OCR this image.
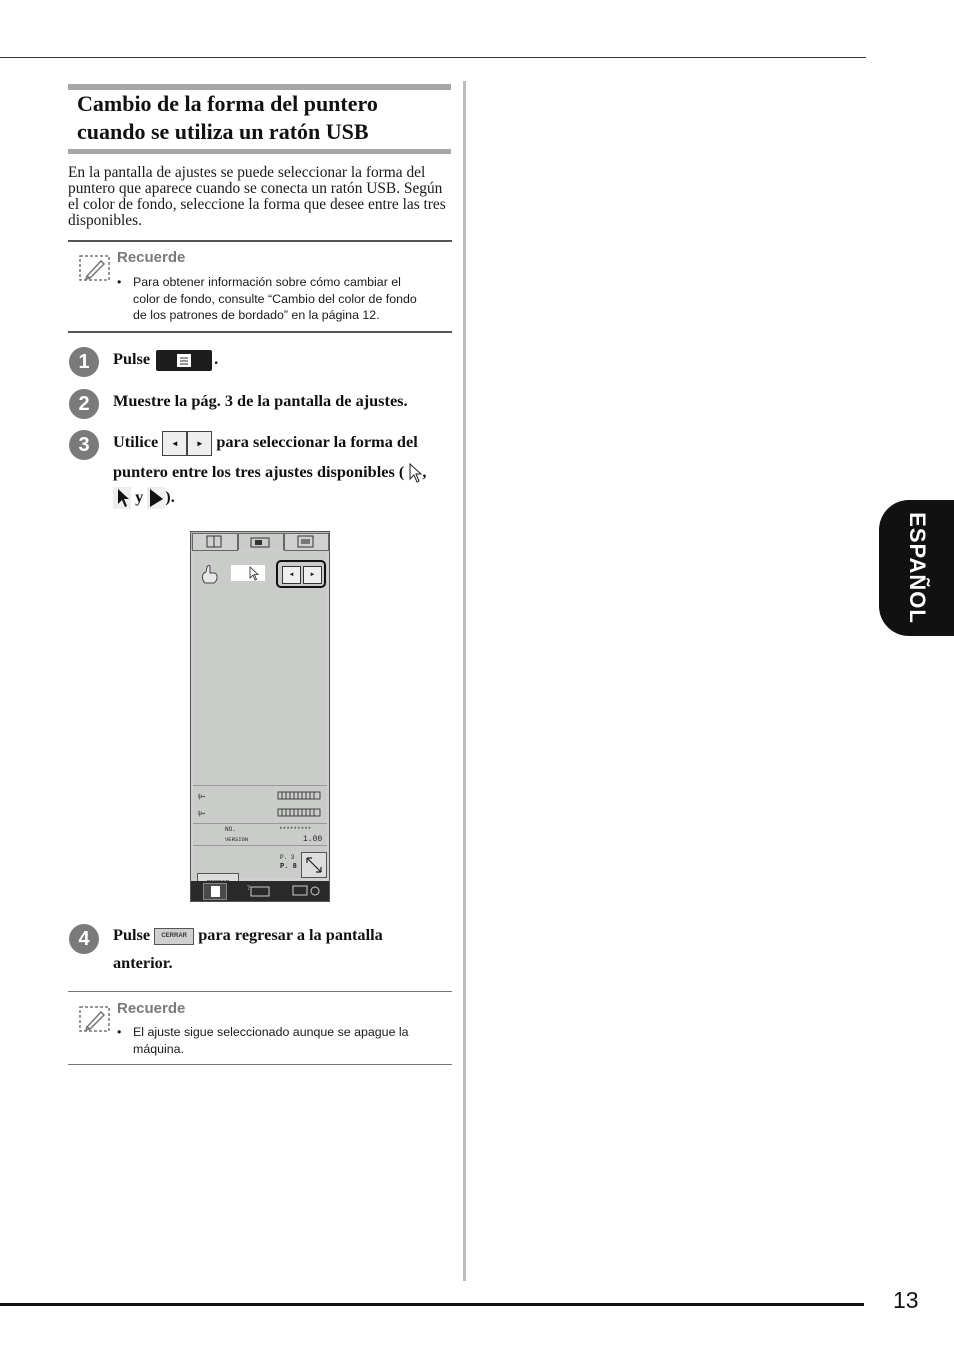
13
ESPAÑOL
Cambio de la forma del puntero
cuando se utiliza un ratón USB
En la pantalla de ajustes se puede seleccionar la forma del puntero que aparece cuando se conecta un ratón USB. Según el color de fondo, seleccione la forma que desee entre las tres disponibles.
Recuerde
• Para obtener información sobre cómo cambiar el
color de fondo, consulte “Cambio del color de fondo
de los patrones de bordado” en la página 12.
1	Pulse	.
2	Muestre la pág. 3 de la pantalla de ajustes.
3	Utilice ◄ ► para seleccionar la forma del
puntero entre los tres ajustes disponibles ( ,
y ).
◄	►
ψ↦
ψ↦
NO.	*********
VERSION	1.00
P. 3
P. 8
?
4	Pulse CERRAR para regresar a la pantalla
anterior.
Recuerde
• El ajuste sigue seleccionado aunque se apague la
máquina.
